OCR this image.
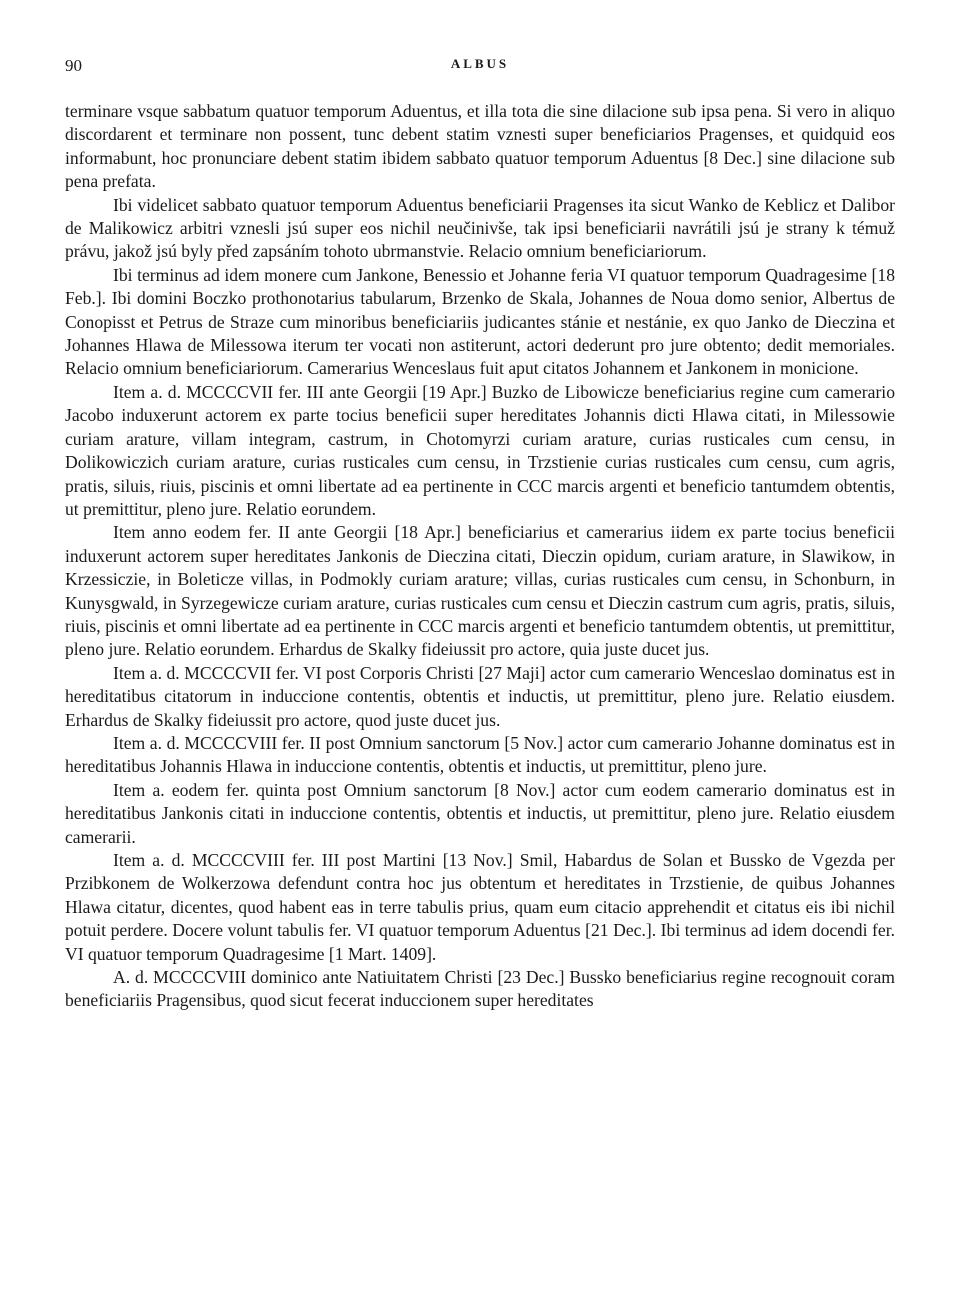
90	ALBUS

terminare vsque sabbatum quatuor temporum Aduentus, et illa tota die sine dilacione sub ipsa pena. Si vero in aliquo discordarent et terminare non possent, tunc debent statim vznesti super beneficiarios Pragenses, et quidquid eos informabunt, hoc pronunciare debent statim ibidem sabbato quatuor temporum Aduentus [8 Dec.] sine dilacione sub pena prefata.

Ibi videlicet sabbato quatuor temporum Aduentus beneficiarii Pragenses ita sicut Wanko de Keblicz et Dalibor de Malikowicz arbitri vznesli jsú super eos nichil neučinivše, tak ipsi beneficiarii navrátili jsú je strany k témuž právu, jakož jsú byly před zapsáním tohoto ubrmanstvie. Relacio omnium beneficiariorum.

Ibi terminus ad idem monere cum Jankone, Benessio et Johanne feria VI quatuor temporum Quadragesime [18 Feb.]. Ibi domini Boczko prothonotarius tabularum, Brzenko de Skala, Johannes de Noua domo senior, Albertus de Conopisst et Petrus de Straze cum minoribus beneficiariis judicantes stánie et nestánie, ex quo Janko de Dieczina et Johannes Hlawa de Milessowa iterum ter vocati non astiterunt, actori dederunt pro jure obtento; dedit memoriales. Relacio omnium beneficiariorum. Camerarius Wenceslaus fuit aput citatos Johannem et Jankonem in monicione.

Item a. d. MCCCCVII fer. III ante Georgii [19 Apr.] Buzko de Libowicze beneficiarius regine cum camerario Jacobo induxerunt actorem ex parte tocius beneficii super hereditates Johannis dicti Hlawa citati, in Milessowie curiam arature, villam integram, castrum, in Chotomyrzi curiam arature, curias rusticales cum censu, in Dolikowiczich curiam arature, curias rusticales cum censu, in Trzstienie curias rusticales cum censu, cum agris, pratis, siluis, riuis, piscinis et omni libertate ad ea pertinente in CCC marcis argenti et beneficio tantumdem obtentis, ut premittitur, pleno jure. Relatio eorundem.

Item anno eodem fer. II ante Georgii [18 Apr.] beneficiarius et camerarius iidem ex parte tocius beneficii induxerunt actorem super hereditates Jankonis de Dieczina citati, Dieczin opidum, curiam arature, in Slawikow, in Krzessiczie, in Boleticze villas, in Podmokly curiam arature; villas, curias rusticales cum censu, in Schonburn, in Kunysgwald, in Syrzegewicze curiam arature, curias rusticales cum censu et Dieczin castrum cum agris, pratis, siluis, riuis, piscinis et omni libertate ad ea pertinente in CCC marcis argenti et beneficio tantumdem obtentis, ut premittitur, pleno jure. Relatio eorundem. Erhardus de Skalky fideiussit pro actore, quia juste ducet jus.

Item a. d. MCCCCVII fer. VI post Corporis Christi [27 Maji] actor cum camerario Wenceslao dominatus est in hereditatibus citatorum in induccione contentis, obtentis et inductis, ut premittitur, pleno jure. Relatio eiusdem. Erhardus de Skalky fideiussit pro actore, quod juste ducet jus.

Item a. d. MCCCCVIII fer. II post Omnium sanctorum [5 Nov.] actor cum camerario Johanne dominatus est in hereditatibus Johannis Hlawa in induccione contentis, obtentis et inductis, ut premittitur, pleno jure.

Item a. eodem fer. quinta post Omnium sanctorum [8 Nov.] actor cum eodem camerario dominatus est in hereditatibus Jankonis citati in induccione contentis, obtentis et inductis, ut premittitur, pleno jure. Relatio eiusdem camerarii.

Item a. d. MCCCCVIII fer. III post Martini [13 Nov.] Smil, Habardus de Solan et Bussko de Vgezda per Przibkonem de Wolkerzowa defendunt contra hoc jus obtentum et hereditates in Trzstienie, de quibus Johannes Hlawa citatur, dicentes, quod habent eas in terre tabulis prius, quam eum citacio apprehendit et citatus eis ibi nichil potuit perdere. Docere volunt tabulis fer. VI quatuor temporum Aduentus [21 Dec.]. Ibi terminus ad idem docendi fer. VI quatuor temporum Quadragesime [1 Mart. 1409].

A. d. MCCCCVIII dominico ante Natiuitatem Christi [23 Dec.] Bussko beneficiarius regine recognouit coram beneficiariis Pragensibus, quod sicut fecerat induccionem super hereditates
